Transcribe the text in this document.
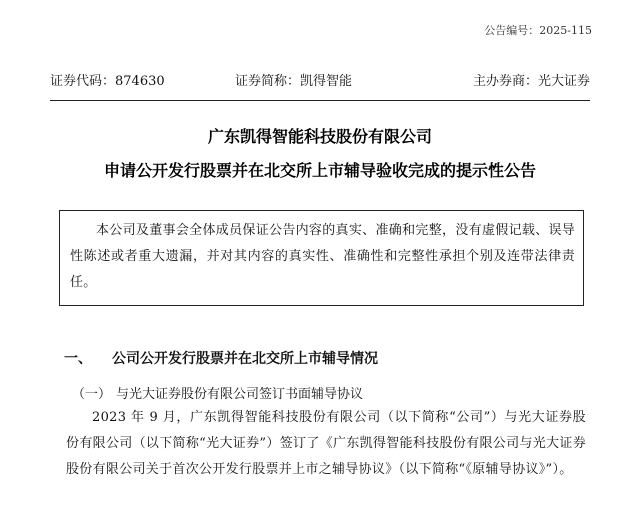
公告编号：2025-115
证券代码：874630	证券简称：凯得智能	主办券商：光大证券
广东凯得智能科技股份有限公司
申请公开发行股票并在北交所上市辅导验收完成的提示性公告

本公司及董事会全体成员保证公告内容的真实、准确和完整，没有虚假记载、误导性陈述或者重大遗漏，并对其内容的真实性、准确性和完整性承担个别及连带法律责任。

一、 公司公开发行股票并在北交所上市辅导情况
（一） 与光大证券股份有限公司签订书面辅导协议

2023 年 9 月，广东凯得智能科技股份有限公司（以下简称“公司”）与光大证券股份有限公司（以下简称“光大证券”）签订了《广东凯得智能科技股份有限公司与光大证券股份有限公司关于首次公开发行股票并上市之辅导协议》（以下简称“《原辅导协议》”）。
